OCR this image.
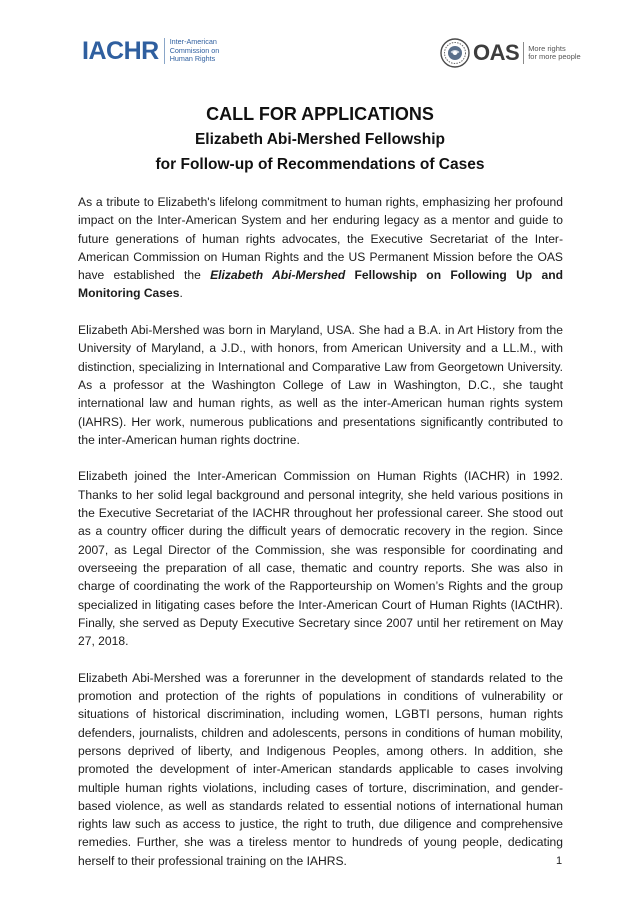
IACHR Inter-American
Commission on
Human Rights	OAS More rights
for more people
CALL FOR APPLICATIONS
Elizabeth Abi-Mershed Fellowship
for Follow-up of Recommendations of Cases

As a tribute to Elizabeth's lifelong commitment to human rights, emphasizing her profound impact on the Inter-American System and her enduring legacy as a mentor and guide to future generations of human rights advocates, the Executive Secretariat of the Inter-American Commission on Human Rights and the US Permanent Mission before the OAS have established the Elizabeth Abi-Mershed Fellowship on Following Up and Monitoring Cases.

Elizabeth Abi-Mershed was born in Maryland, USA. She had a B.A. in Art History from the University of Maryland, a J.D., with honors, from American University and a LL.M., with distinction, specializing in International and Comparative Law from Georgetown University. As a professor at the Washington College of Law in Washington, D.C., she taught international law and human rights, as well as the inter-American human rights system (IAHRS). Her work, numerous publications and presentations significantly contributed to the inter-American human rights doctrine.

Elizabeth joined the Inter-American Commission on Human Rights (IACHR) in 1992. Thanks to her solid legal background and personal integrity, she held various positions in the Executive Secretariat of the IACHR throughout her professional career. She stood out as a country officer during the difficult years of democratic recovery in the region. Since 2007, as Legal Director of the Commission, she was responsible for coordinating and overseeing the preparation of all case, thematic and country reports. She was also in charge of coordinating the work of the Rapporteurship on Women’s Rights and the group specialized in litigating cases before the Inter-American Court of Human Rights (IACtHR). Finally, she served as Deputy Executive Secretary since 2007 until her retirement on May 27, 2018.

Elizabeth Abi-Mershed was a forerunner in the development of standards related to the promotion and protection of the rights of populations in conditions of vulnerability or situations of historical discrimination, including women, LGBTI persons, human rights defenders, journalists, children and adolescents, persons in conditions of human mobility, persons deprived of liberty, and Indigenous Peoples, among others. In addition, she promoted the development of inter-American standards applicable to cases involving multiple human rights violations, including cases of torture, discrimination, and gender-based violence, as well as standards related to essential notions of international human rights law such as access to justice, the right to truth, due diligence and comprehensive remedies. Further, she was a tireless mentor to hundreds of young people, dedicating herself to their professional training on the IAHRS.	1
